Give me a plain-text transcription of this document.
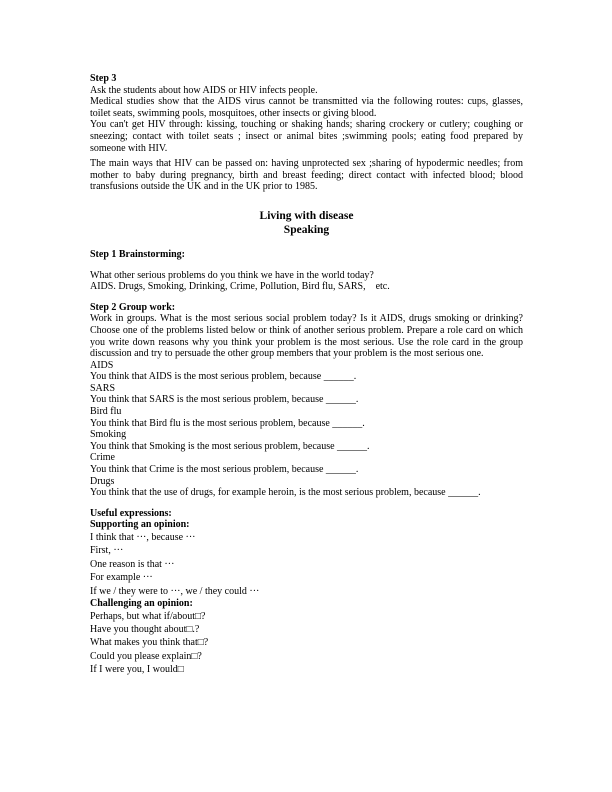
Step 3

Ask the students about how AIDS or HIV infects people.

Medical studies show that the AIDS virus cannot be transmitted via the following routes: cups, glasses, toilet seats, swimming pools, mosquitoes, other insects or giving blood.

You can't get HIV through: kissing, touching or shaking hands; sharing crockery or cutlery; coughing or sneezing; contact with toilet seats ; insect or animal bites ;swimming pools; eating food prepared by someone with HIV.

The main ways that HIV can be passed on: having unprotected sex ;sharing of hypodermic needles; from mother to baby during pregnancy, birth and breast feeding; direct contact with infected blood; blood transfusions outside the UK and in the UK prior to 1985.

Living with disease

Speaking

Step 1 Brainstorming:

What other serious problems do you think we have in the world today?

AIDS. Drugs, Smoking, Drinking, Crime, Pollution, Bird flu, SARS,    etc.

Step 2 Group work:

Work in groups. What is the most serious social problem today? Is it AIDS, drugs smoking or drinking? Choose one of the problems listed below or think of another serious problem. Prepare a role card on which you write down reasons why you think your problem is the most serious. Use the role card in the group discussion and try to persuade the other group members that your problem is the most serious one.

AIDS

You think that AIDS is the most serious problem, because ______.

SARS

You think that SARS is the most serious problem, because ______.

Bird flu

You think that Bird flu is the most serious problem, because ______.

Smoking

You think that Smoking is the most serious problem, because ______.

Crime

You think that Crime is the most serious problem, because ______.

Drugs

You think that the use of drugs, for example heroin, is the most serious problem, because ______.

Useful expressions:

Supporting an opinion:

I think that ···, because ···

First, ···

One reason is that ···

For example ···

If we / they were to ···, we / they could ···

Challenging an opinion:

Perhaps, but what if/about□?

Have you thought about□.?

What makes you think that□?

Could you please explain□?

If I were you, I would□
